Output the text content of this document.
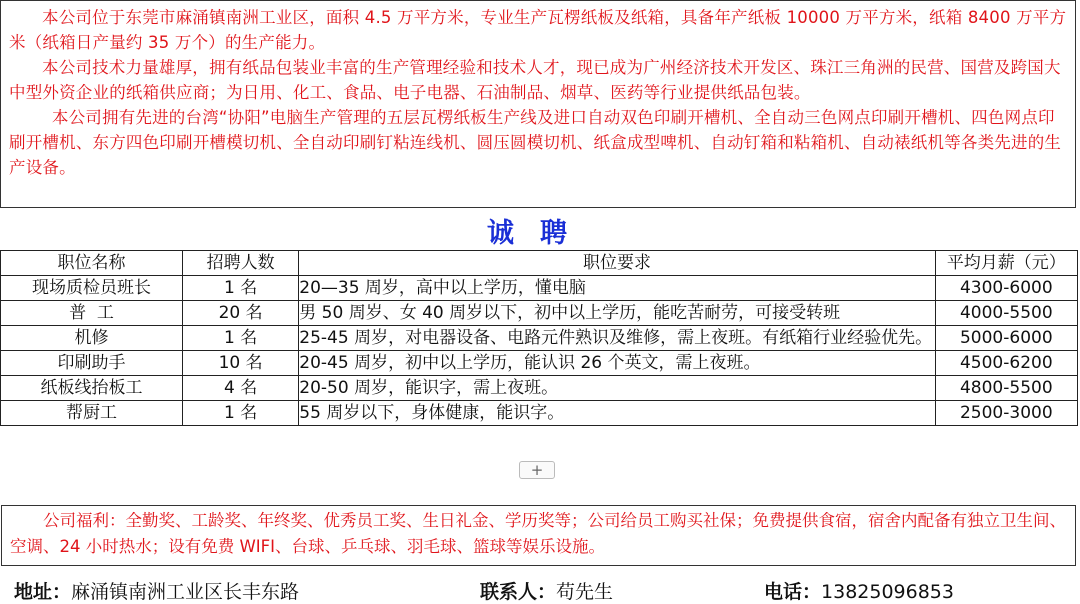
本公司位于东莞市麻涌镇南洲工业区，面积 4.5 万平方米，专业生产瓦楞纸板及纸箱，具备年产纸板 10000 万平方米，纸箱 8400 万平方米（纸箱日产量约 35 万个）的生产能力。

本公司技术力量雄厚，拥有纸品包装业丰富的生产管理经验和技术人才，现已成为广州经济技术开发区、珠江三角洲的民营、国营及跨国大中型外资企业的纸箱供应商；为日用、化工、食品、电子电器、石油制品、烟草、医药等行业提供纸品包装。

本公司拥有先进的台湾“协阳”电脑生产管理的五层瓦楞纸板生产线及进口自动双色印刷开槽机、全自动三色网点印刷开槽机、四色网点印刷开槽机、东方四色印刷开槽模切机、全自动印刷钉粘连线机、圆压圆模切机、纸盒成型啤机、自动钉箱和粘箱机、自动裱纸机等各类先进的生产设备。

诚聘
职位名称	招聘人数	职位要求	平均月薪（元）
现场质检员班长	1 名	20—35 周岁，高中以上学历，懂电脑	4300-6000
普  工	20 名	男 50 周岁、女 40 周岁以下，初中以上学历，能吃苦耐劳，可接受转班	4000-5500
机修	1 名	25-45 周岁，对电器设备、电路元件熟识及维修，需上夜班。有纸箱行业经验优先。	5000-6000
印刷助手	10 名	20-45 周岁，初中以上学历，能认识 26 个英文，需上夜班。	4500-6200
纸板线抬板工	4 名	20-50 周岁，能识字，需上夜班。	4800-5500
帮厨工	1 名	55 周岁以下，身体健康，能识字。	2500-3000
+

公司福利：全勤奖、工龄奖、年终奖、优秀员工奖、生日礼金、学历奖等；公司给员工购买社保；免费提供食宿，宿舍内配备有独立卫生间、空调、24 小时热水；设有免费 WIFI、台球、乒乓球、羽毛球、篮球等娱乐设施。

地址：麻涌镇南洲工业区长丰东路	联系人：苟先生	电话：13825096853
